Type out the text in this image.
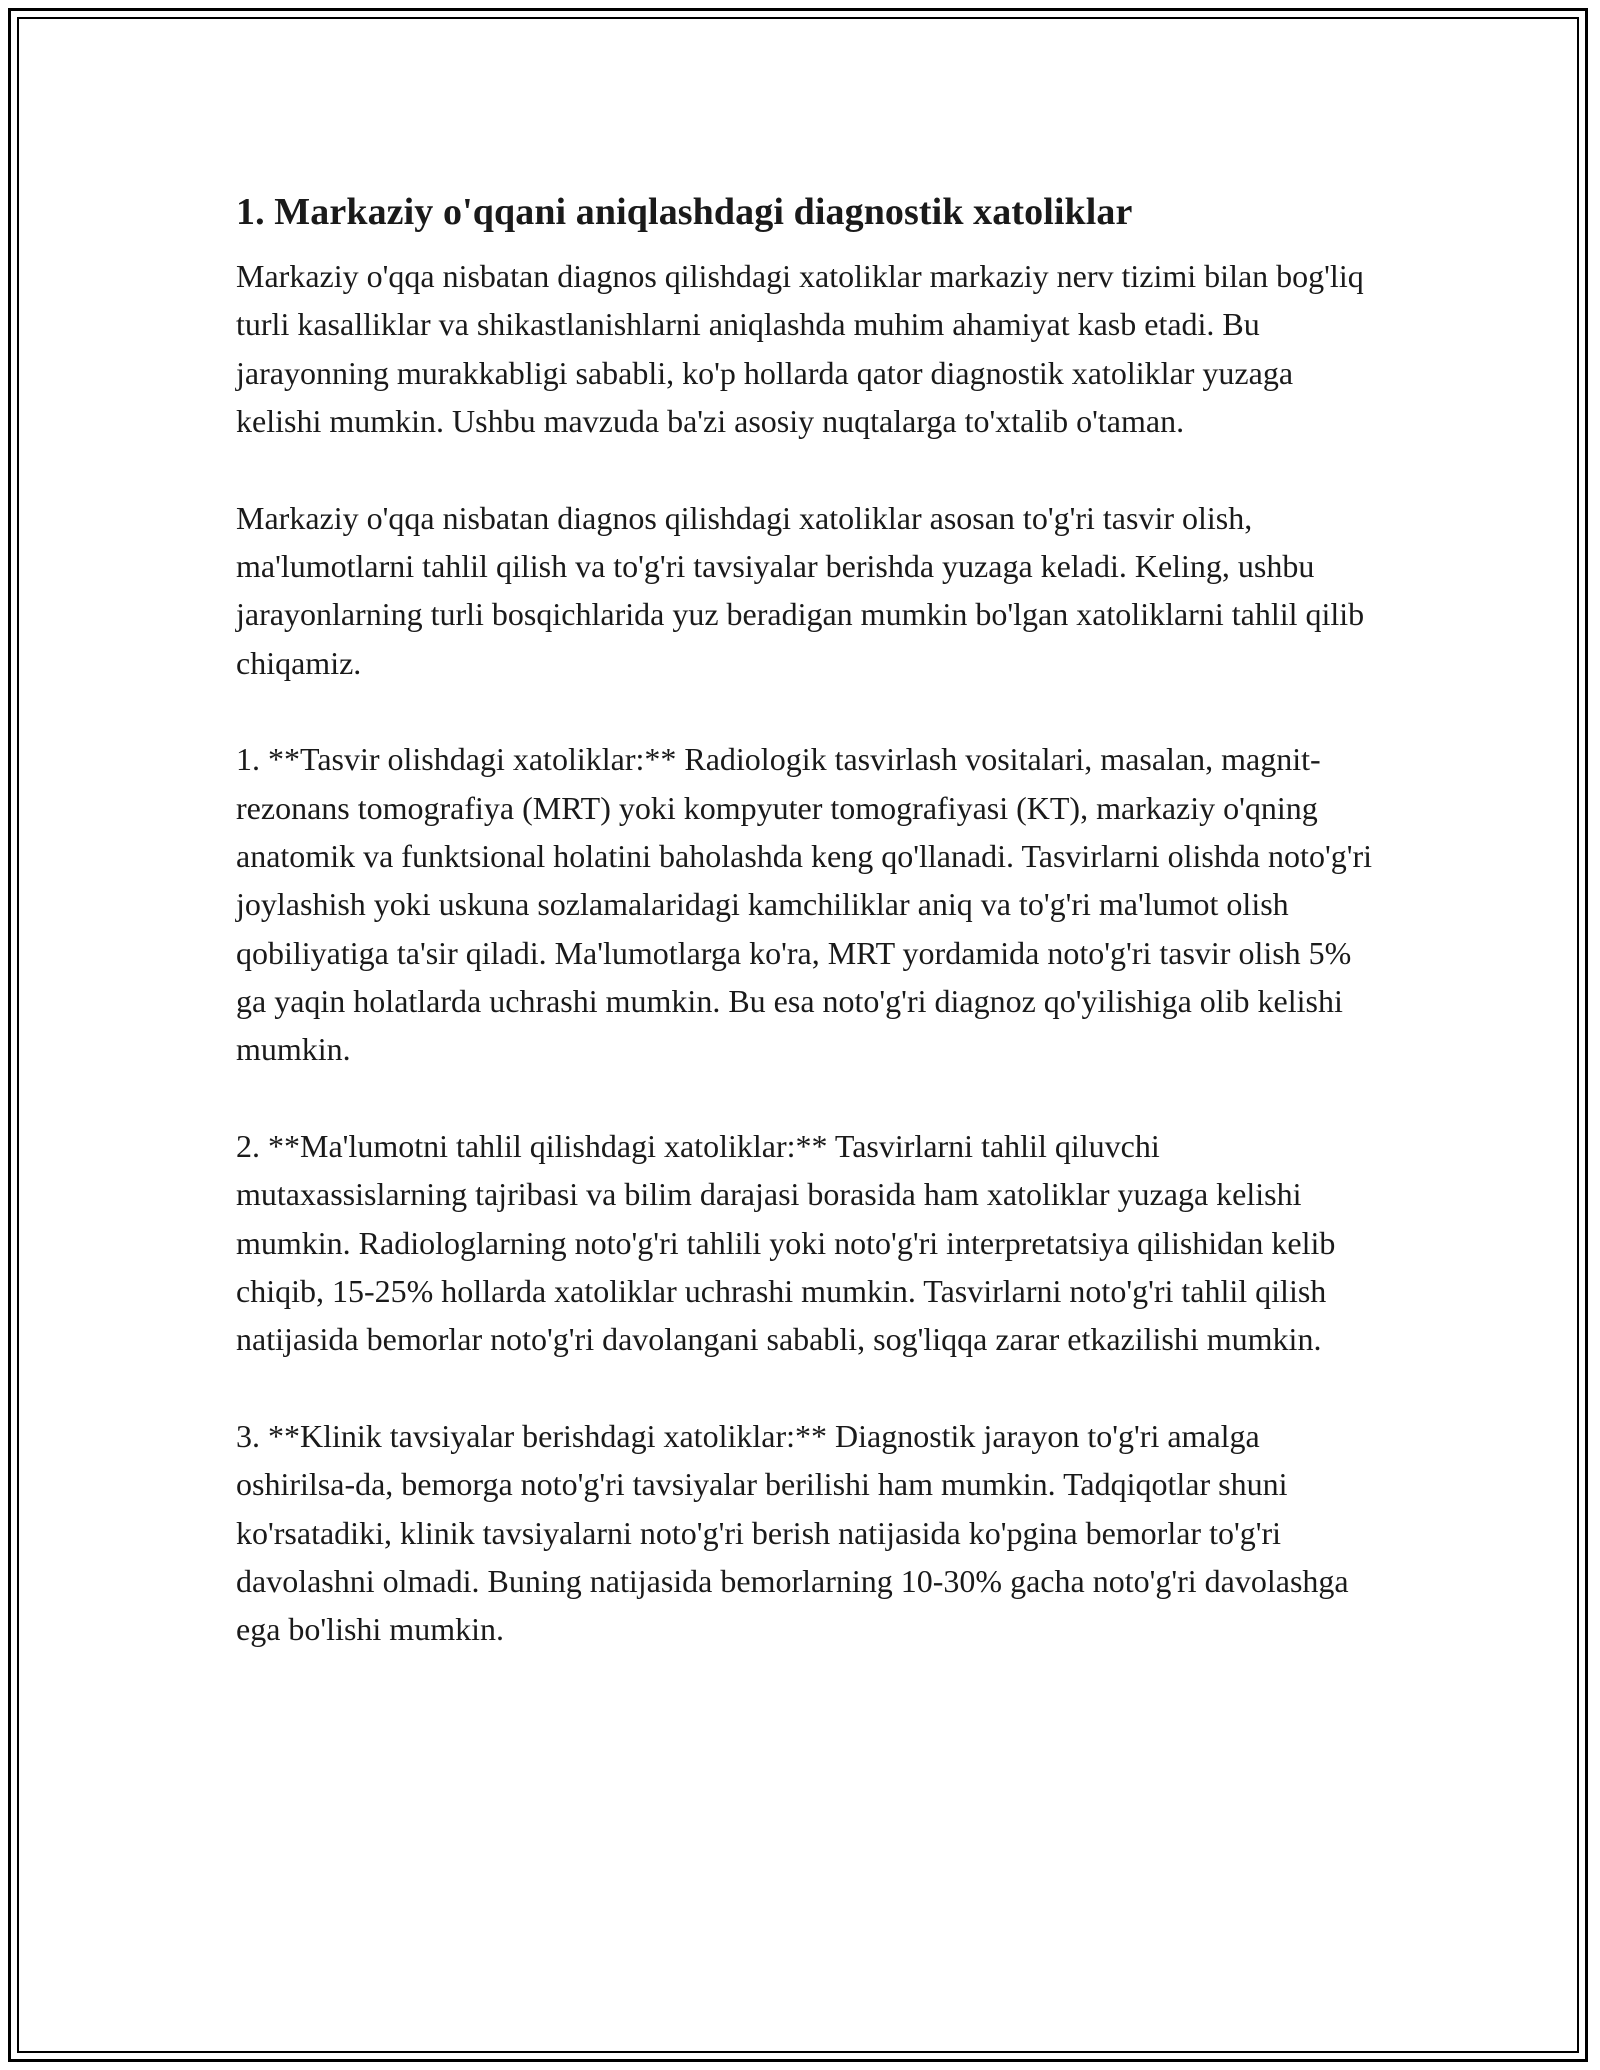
1. Markaziy o'qqani aniqlashdagi diagnostik xatoliklar

Markaziy o'qqa nisbatan diagnos qilishdagi xatoliklar markaziy nerv tizimi bilan bog'liq turli kasalliklar va shikastlanishlarni aniqlashda muhim ahamiyat kasb etadi. Bu jarayonning murakkabligi sababli, ko'p hollarda qator diagnostik xatoliklar yuzaga kelishi mumkin. Ushbu mavzuda ba'zi asosiy nuqtalarga to'xtalib o'taman.

Markaziy o'qqa nisbatan diagnos qilishdagi xatoliklar asosan to'g'ri tasvir olish, ma'lumotlarni tahlil qilish va to'g'ri tavsiyalar berishda yuzaga keladi. Keling, ushbu jarayonlarning turli bosqichlarida yuz beradigan mumkin bo'lgan xatoliklarni tahlil qilib chiqamiz.

1. **Tasvir olishdagi xatoliklar:** Radiologik tasvirlash vositalari, masalan, magnit-rezonans tomografiya (MRT) yoki kompyuter tomografiyasi (KT), markaziy o'qning anatomik va funktsional holatini baholashda keng qo'llanadi. Tasvirlarni olishda noto'g'ri joylashish yoki uskuna sozlamalaridagi kamchiliklar aniq va to'g'ri ma'lumot olish qobiliyatiga ta'sir qiladi. Ma'lumotlarga ko'ra, MRT yordamida noto'g'ri tasvir olish 5% ga yaqin holatlarda uchrashi mumkin. Bu esa noto'g'ri diagnoz qo'yilishiga olib kelishi mumkin.

2. **Ma'lumotni tahlil qilishdagi xatoliklar:** Tasvirlarni tahlil qiluvchi mutaxassislarning tajribasi va bilim darajasi borasida ham xatoliklar yuzaga kelishi mumkin. Radiologlarning noto'g'ri tahlili yoki noto'g'ri interpretatsiya qilishidan kelib chiqib, 15-25% hollarda xatoliklar uchrashi mumkin. Tasvirlarni noto'g'ri tahlil qilish natijasida bemorlar noto'g'ri davolangani sababli, sog'liqqa zarar etkazilishi mumkin.

3. **Klinik tavsiyalar berishdagi xatoliklar:** Diagnostik jarayon to'g'ri amalga oshirilsa-da, bemorga noto'g'ri tavsiyalar berilishi ham mumkin. Tadqiqotlar shuni ko'rsatadiki, klinik tavsiyalarni noto'g'ri berish natijasida ko'pgina bemorlar to'g'ri davolashni olmadi. Buning natijasida bemorlarning 10-30% gacha noto'g'ri davolashga ega bo'lishi mumkin.
